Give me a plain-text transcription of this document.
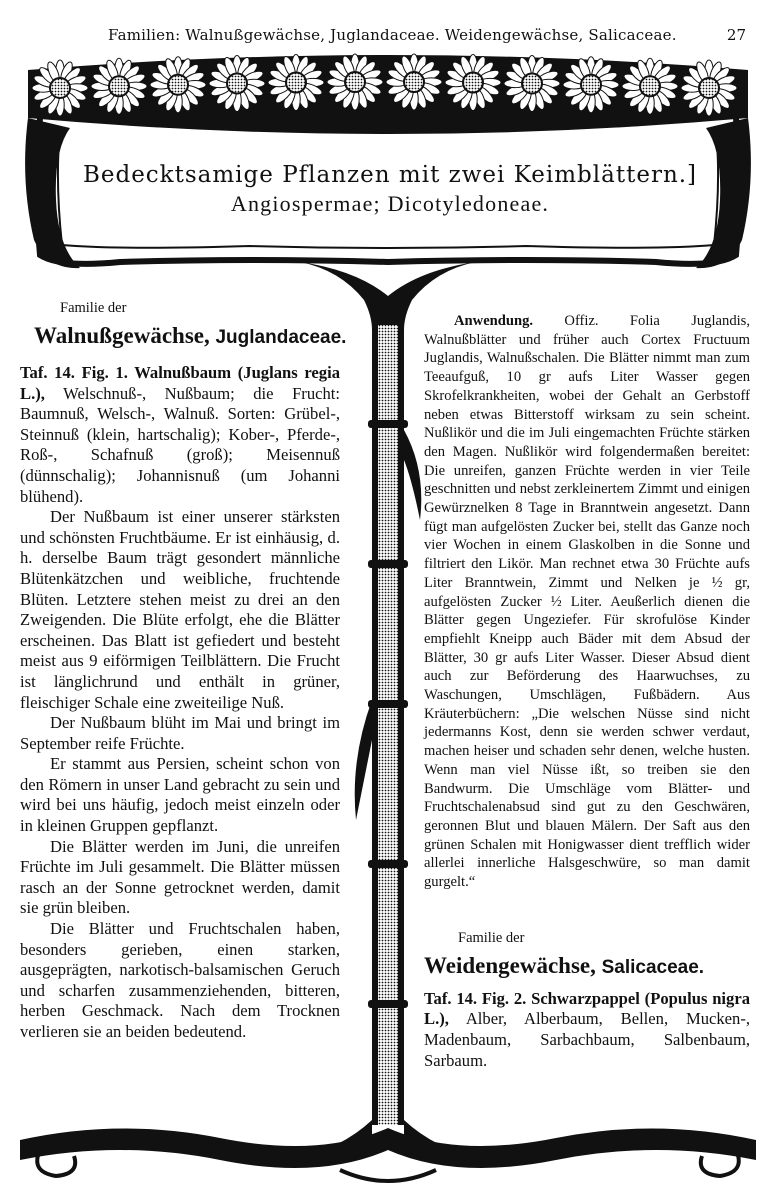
Familien: Walnußgewächse, Juglandaceae. Weidengewächse, Salicaceae.	27
Bedecktsamige Pflanzen mit zwei Keimblättern.]
Angiospermae; Dicotyledoneae.
Familie der
Walnußgewächse, Juglandaceae.

Taf. 14. Fig. 1. Walnußbaum (Juglans regia L.), Welschnuß-, Nußbaum; die Frucht: Baumnuß, Welsch-, Walnuß. Sorten: Grübel-, Steinnuß (klein, hartschalig); Kober-, Pferde-, Roß-, Schafnuß (groß); Meisennuß (dünnschalig); Johannisnuß (um Johanni blühend).

Der Nußbaum ist einer unserer stärksten und schönsten Fruchtbäume. Er ist einhäusig, d. h. derselbe Baum trägt gesondert männliche Blütenkätzchen und weibliche, fruchtende Blüten. Letztere stehen meist zu drei an den Zweigenden. Die Blüte erfolgt, ehe die Blätter erscheinen. Das Blatt ist gefiedert und besteht meist aus 9 eiförmigen Teilblättern. Die Frucht ist länglichrund und enthält in grüner, fleischiger Schale eine zweiteilige Nuß.

Der Nußbaum blüht im Mai und bringt im September reife Früchte.

Er stammt aus Persien, scheint schon von den Römern in unser Land gebracht zu sein und wird bei uns häufig, jedoch meist einzeln oder in kleinen Gruppen gepflanzt.

Die Blätter werden im Juni, die unreifen Früchte im Juli gesammelt. Die Blätter müssen rasch an der Sonne getrocknet werden, damit sie grün bleiben.

Die Blätter und Fruchtschalen haben, besonders gerieben, einen starken, ausgeprägten, narkotisch-balsamischen Geruch und scharfen zusammenziehenden, bitteren, herben Geschmack. Nach dem Trocknen verlieren sie an beiden bedeutend.

Anwendung. Offiz. Folia Juglandis, Walnußblätter und früher auch Cortex Fructuum Juglandis, Walnußschalen. Die Blätter nimmt man zum Teeaufguß, 10 gr aufs Liter Wasser gegen Skrofelkrankheiten, wobei der Gehalt an Gerbstoff neben etwas Bitterstoff wirksam zu sein scheint. Nußlikör und die im Juli eingemachten Früchte stärken den Magen. Nußlikör wird folgendermaßen bereitet: Die unreifen, ganzen Früchte werden in vier Teile geschnitten und nebst zerkleinertem Zimmt und einigen Gewürznelken 8 Tage in Branntwein angesetzt. Dann fügt man aufgelösten Zucker bei, stellt das Ganze noch vier Wochen in einem Glaskolben in die Sonne und filtriert den Likör. Man rechnet etwa 30 Früchte aufs Liter Branntwein, Zimmt und Nelken je ½ gr, aufgelösten Zucker ½ Liter. Aeußerlich dienen die Blätter gegen Ungeziefer. Für skrofulöse Kinder empfiehlt Kneipp auch Bäder mit dem Absud der Blätter, 30 gr aufs Liter Wasser. Dieser Absud dient auch zur Beförderung des Haarwuchses, zu Waschungen, Umschlägen, Fußbädern. Aus Kräuterbüchern: „Die welschen Nüsse sind nicht jedermanns Kost, denn sie werden schwer verdaut, machen heiser und schaden sehr denen, welche husten. Wenn man viel Nüsse ißt, so treiben sie den Bandwurm. Die Umschläge vom Blätter- und Fruchtschalenabsud sind gut zu den Geschwären, geronnen Blut und blauen Mälern. Der Saft aus den grünen Schalen mit Honigwasser dient trefflich wider allerlei innerliche Halsgeschwüre, so man damit gurgelt.“

Familie der
Weidengewächse, Salicaceae.

Taf. 14. Fig. 2. Schwarzpappel (Populus nigra L.), Alber, Alberbaum, Bellen, Mucken-, Madenbaum, Sarbachbaum, Salbenbaum, Sarbaum.
